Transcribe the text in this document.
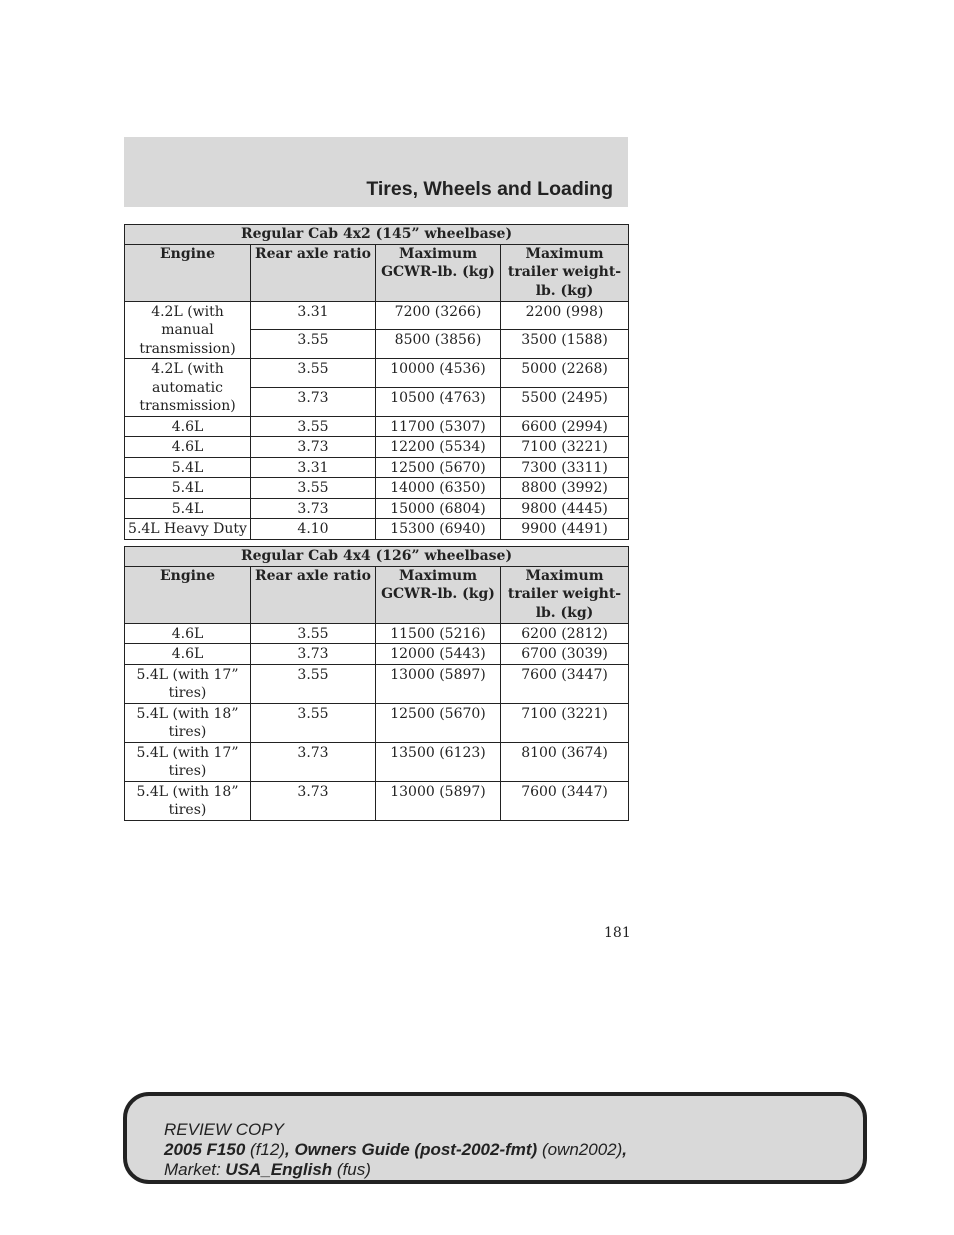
Tires, Wheels and Loading
Regular Cab 4x2 (145” wheelbase)			
Engine	Rear axle ratio	Maximum GCWR-lb. (kg)	Maximum trailer weight-lb. (kg)
4.2L (with manual transmission)	3.31	7200 (3266)	2200 (998)
	3.55	8500 (3856)	3500 (1588)
4.2L (with automatic transmission)	3.55	10000 (4536)	5000 (2268)
	3.73	10500 (4763)	5500 (2495)
4.6L	3.55	11700 (5307)	6600 (2994)
4.6L	3.73	12200 (5534)	7100 (3221)
5.4L	3.31	12500 (5670)	7300 (3311)
5.4L	3.55	14000 (6350)	8800 (3992)
5.4L	3.73	15000 (6804)	9800 (4445)
5.4L Heavy Duty	4.10	15300 (6940)	9900 (4491)
Regular Cab 4x4 (126” wheelbase)			
Engine	Rear axle ratio	Maximum GCWR-lb. (kg)	Maximum trailer weight-lb. (kg)
4.6L	3.55	11500 (5216)	6200 (2812)
4.6L	3.73	12000 (5443)	6700 (3039)
5.4L (with 17” tires)	3.55	13000 (5897)	7600 (3447)
5.4L (with 18” tires)	3.55	12500 (5670)	7100 (3221)
5.4L (with 17” tires)	3.73	13500 (6123)	8100 (3674)
5.4L (with 18” tires)	3.73	13000 (5897)	7600 (3447)
181
REVIEW COPY
2005 F150 (f12), Owners Guide (post-2002-fmt) (own2002),
Market: USA_English (fus)
